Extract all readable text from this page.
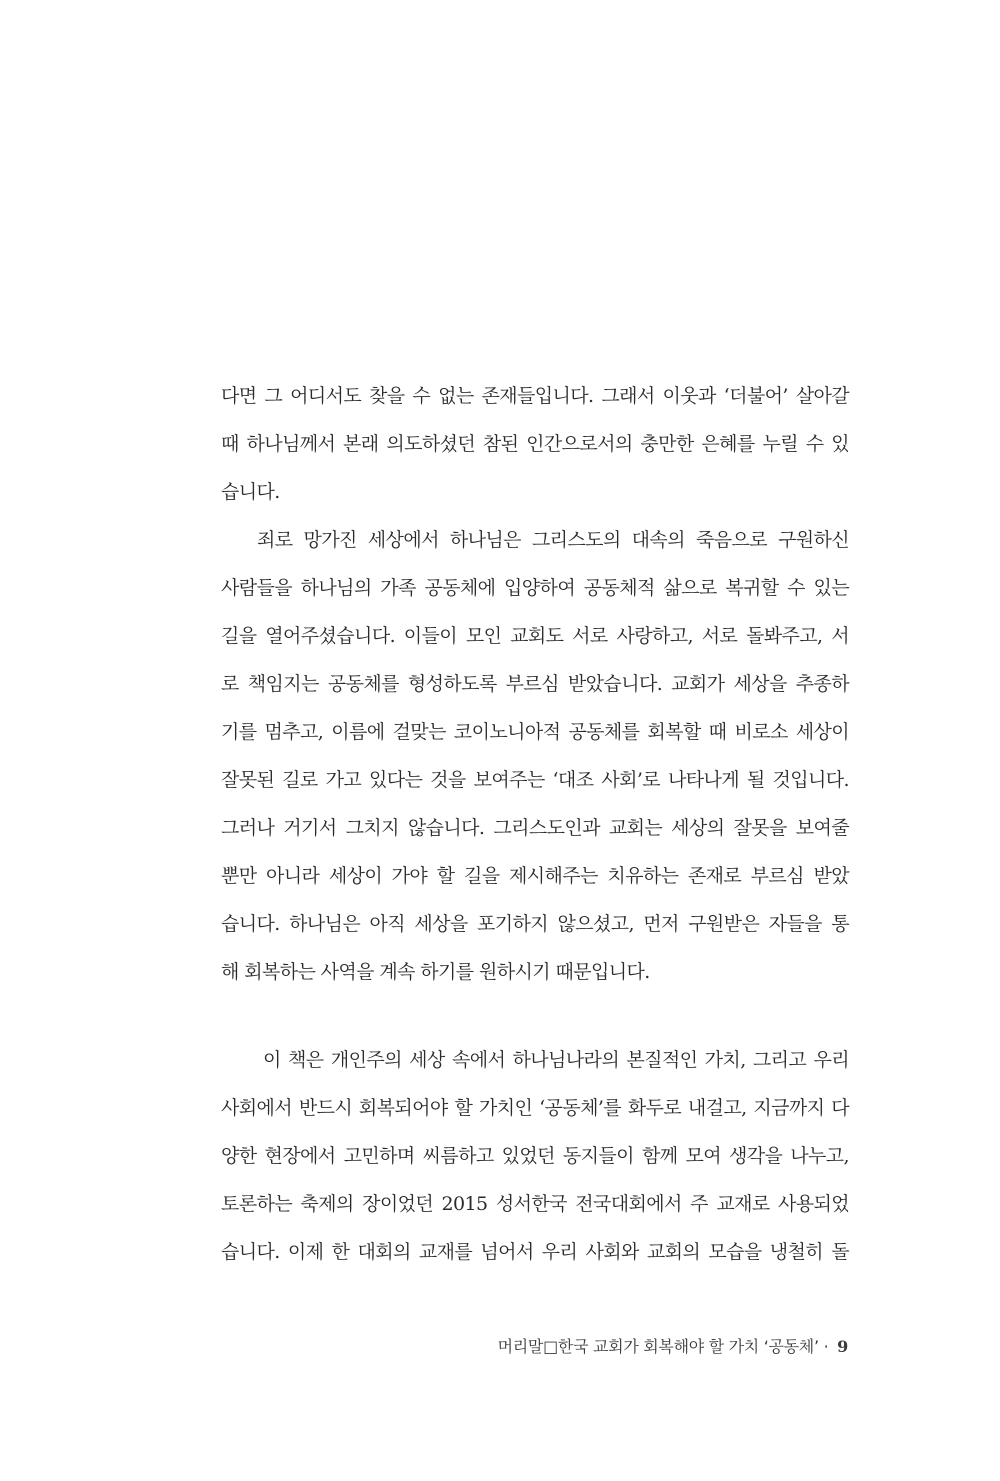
다면 그 어디서도 찾을 수 없는 존재들입니다. 그래서 이웃과 ‘더불어’ 살아갈
때 하나님께서 본래 의도하셨던 참된 인간으로서의 충만한 은혜를 누릴 수 있
습니다.
죄로 망가진 세상에서 하나님은 그리스도의 대속의 죽음으로 구원하신
사람들을 하나님의 가족 공동체에 입양하여 공동체적 삶으로 복귀할 수 있는
길을 열어주셨습니다. 이들이 모인 교회도 서로 사랑하고, 서로 돌봐주고, 서
로 책임지는 공동체를 형성하도록 부르심 받았습니다. 교회가 세상을 추종하
기를 멈추고, 이름에 걸맞는 코이노니아적 공동체를 회복할 때 비로소 세상이
잘못된 길로 가고 있다는 것을 보여주는 ‘대조 사회’로 나타나게 될 것입니다.
그러나 거기서 그치지 않습니다. 그리스도인과 교회는 세상의 잘못을 보여줄
뿐만 아니라 세상이 가야 할 길을 제시해주는 치유하는 존재로 부르심 받았
습니다. 하나님은 아직 세상을 포기하지 않으셨고, 먼저 구원받은 자들을 통
해 회복하는 사역을 계속 하기를 원하시기 때문입니다.
이 책은 개인주의 세상 속에서 하나님나라의 본질적인 가치, 그리고 우리
사회에서 반드시 회복되어야 할 가치인 ‘공동체’를 화두로 내걸고, 지금까지 다
양한 현장에서 고민하며 씨름하고 있었던 동지들이 함께 모여 생각을 나누고,
토론하는 축제의 장이었던 2015 성서한국 전국대회에서 주 교재로 사용되었
습니다. 이제 한 대회의 교재를 넘어서 우리 사회와 교회의 모습을 냉철히 돌
머리말□한국 교회가 회복해야 할 가치 ‘공동체’ · 9
